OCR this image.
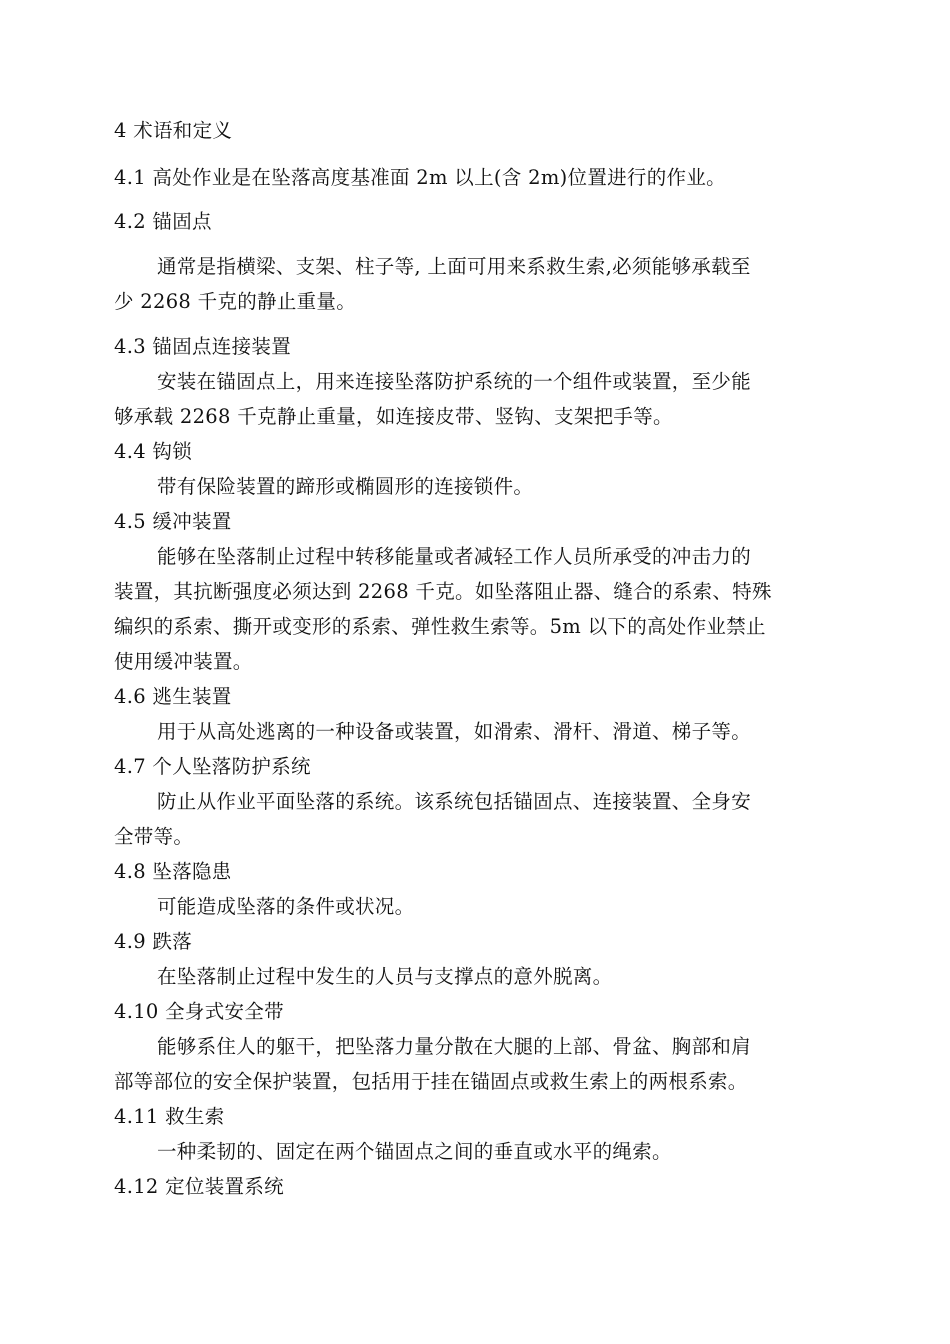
4 术语和定义
4.1 高处作业是在坠落高度基准面 2m 以上(含 2m)位置进行的作业。
4.2 锚固点
通常是指横梁、支架、柱子等, 上面可用来系救生索,必须能够承载至
少 2268 千克的静止重量。
4.3 锚固点连接装置
安装在锚固点上，用来连接坠落防护系统的一个组件或装置，至少能
够承载 2268 千克静止重量，如连接皮带、竖钩、支架把手等。
4.4 钩锁
带有保险装置的蹄形或椭圆形的连接锁件。
4.5 缓冲装置
能够在坠落制止过程中转移能量或者减轻工作人员所承受的冲击力的
装置，其抗断强度必须达到 2268 千克。如坠落阻止器、缝合的系索、特殊
编织的系索、撕开或变形的系索、弹性救生索等。5m 以下的高处作业禁止
使用缓冲装置。
4.6 逃生装置
用于从高处逃离的一种设备或装置，如滑索、滑杆、滑道、梯子等。
4.7 个人坠落防护系统
防止从作业平面坠落的系统。该系统包括锚固点、连接装置、全身安
全带等。
4.8 坠落隐患
可能造成坠落的条件或状况。
4.9 跌落
在坠落制止过程中发生的人员与支撑点的意外脱离。
4.10 全身式安全带
能够系住人的躯干，把坠落力量分散在大腿的上部、骨盆、胸部和肩
部等部位的安全保护装置，包括用于挂在锚固点或救生索上的两根系索。
4.11 救生索
一种柔韧的、固定在两个锚固点之间的垂直或水平的绳索。
4.12 定位装置系统
